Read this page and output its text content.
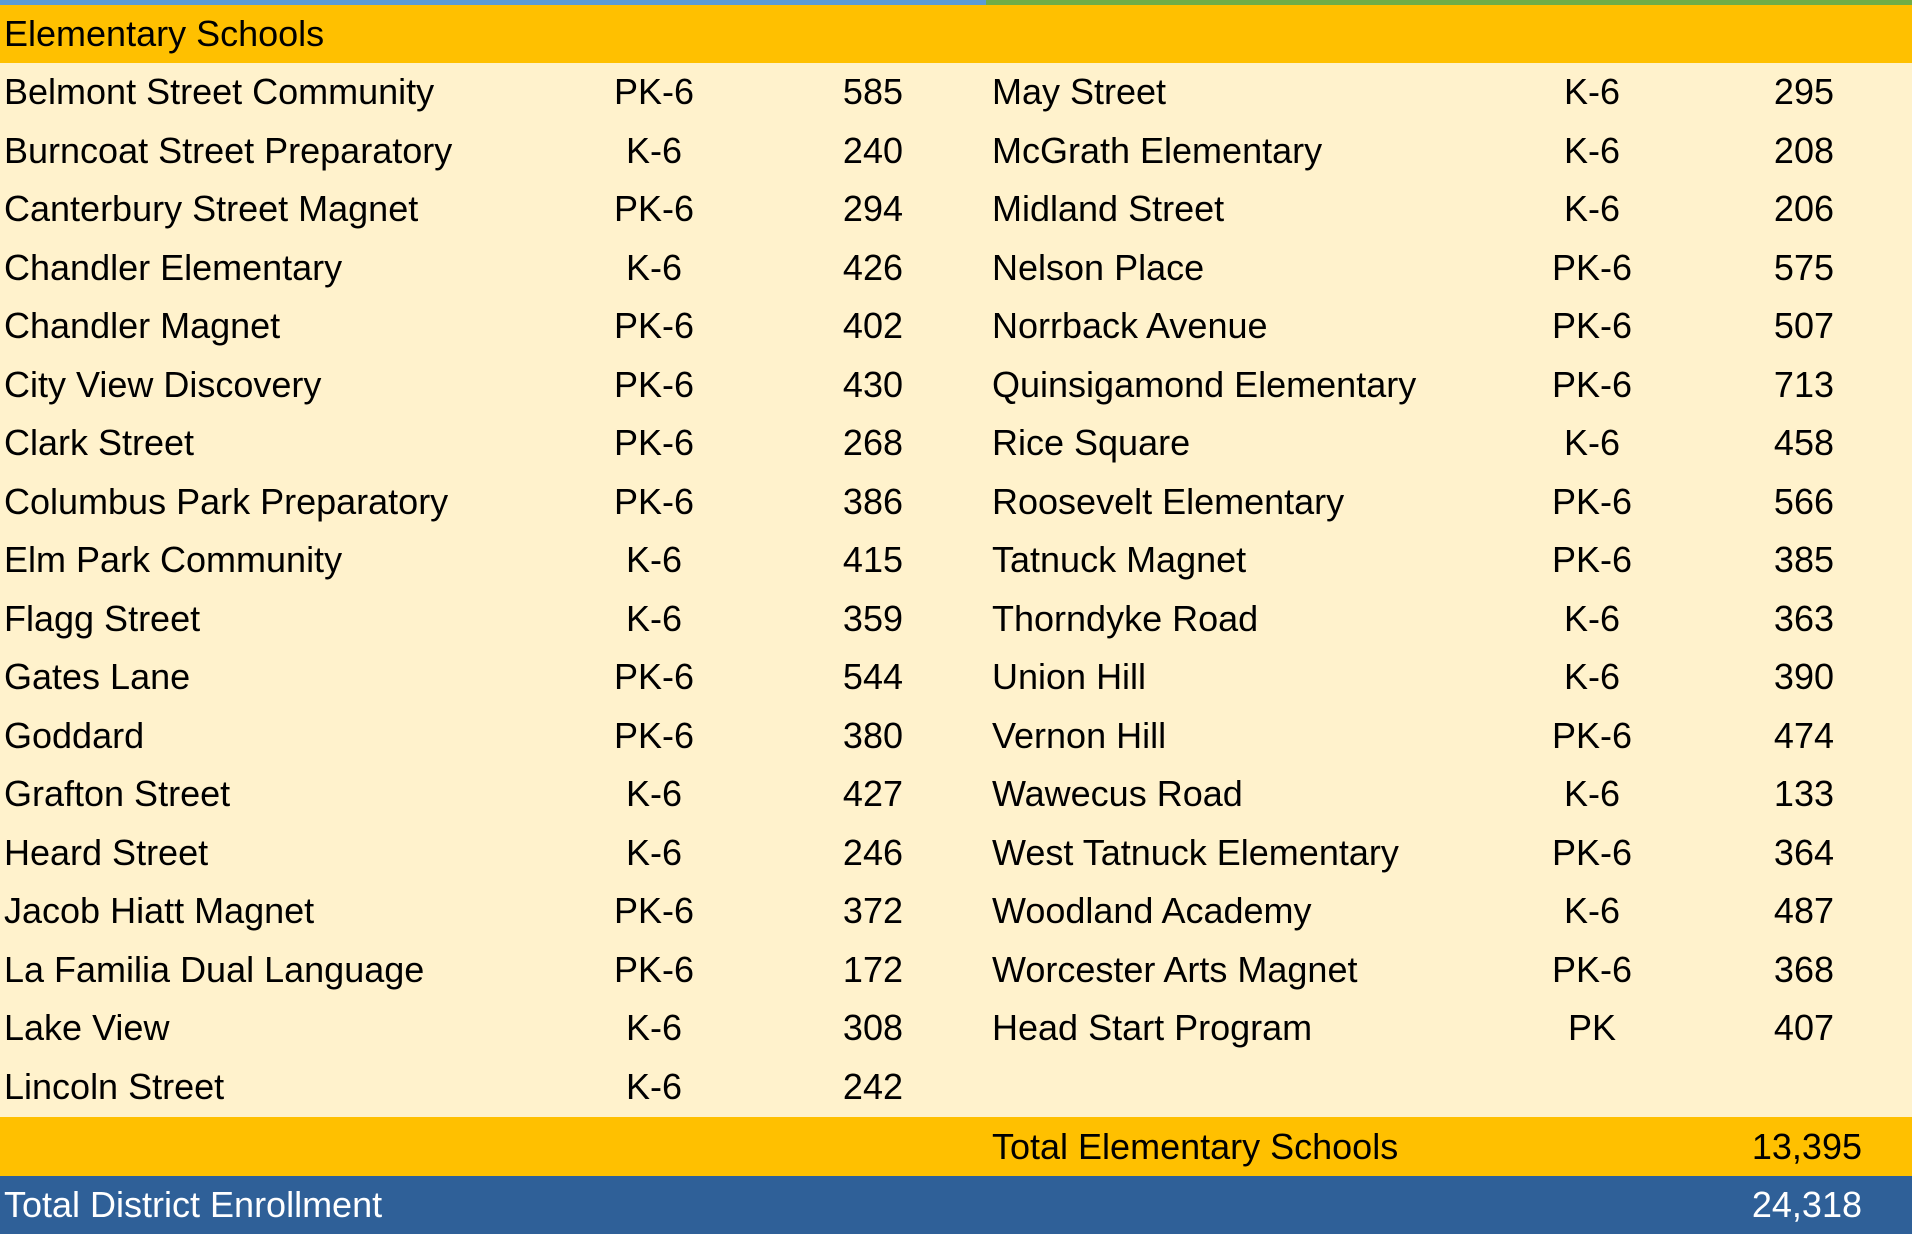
Elementary Schools
Belmont Street Community	PK-6	585
Burncoat Street Preparatory	K-6	240
Canterbury Street Magnet	PK-6	294
Chandler Elementary	K-6	426
Chandler Magnet	PK-6	402
City View Discovery	PK-6	430
Clark Street	PK-6	268
Columbus Park Preparatory	PK-6	386
Elm Park Community	K-6	415
Flagg Street	K-6	359
Gates Lane	PK-6	544
Goddard	PK-6	380
Grafton Street	K-6	427
Heard Street	K-6	246
Jacob Hiatt Magnet	PK-6	372
La Familia Dual Language	PK-6	172
Lake View	K-6	308
Lincoln Street	K-6	242
May Street	K-6	295
McGrath Elementary	K-6	208
Midland Street	K-6	206
Nelson Place	PK-6	575
Norrback Avenue	PK-6	507
Quinsigamond Elementary	PK-6	713
Rice Square	K-6	458
Roosevelt Elementary	PK-6	566
Tatnuck Magnet	PK-6	385
Thorndyke Road	K-6	363
Union Hill	K-6	390
Vernon Hill	PK-6	474
Wawecus Road	K-6	133
West Tatnuck Elementary	PK-6	364
Woodland Academy	K-6	487
Worcester Arts Magnet	PK-6	368
Head Start Program	PK	407
Total Elementary Schools	13,395
Total District Enrollment	24,318
